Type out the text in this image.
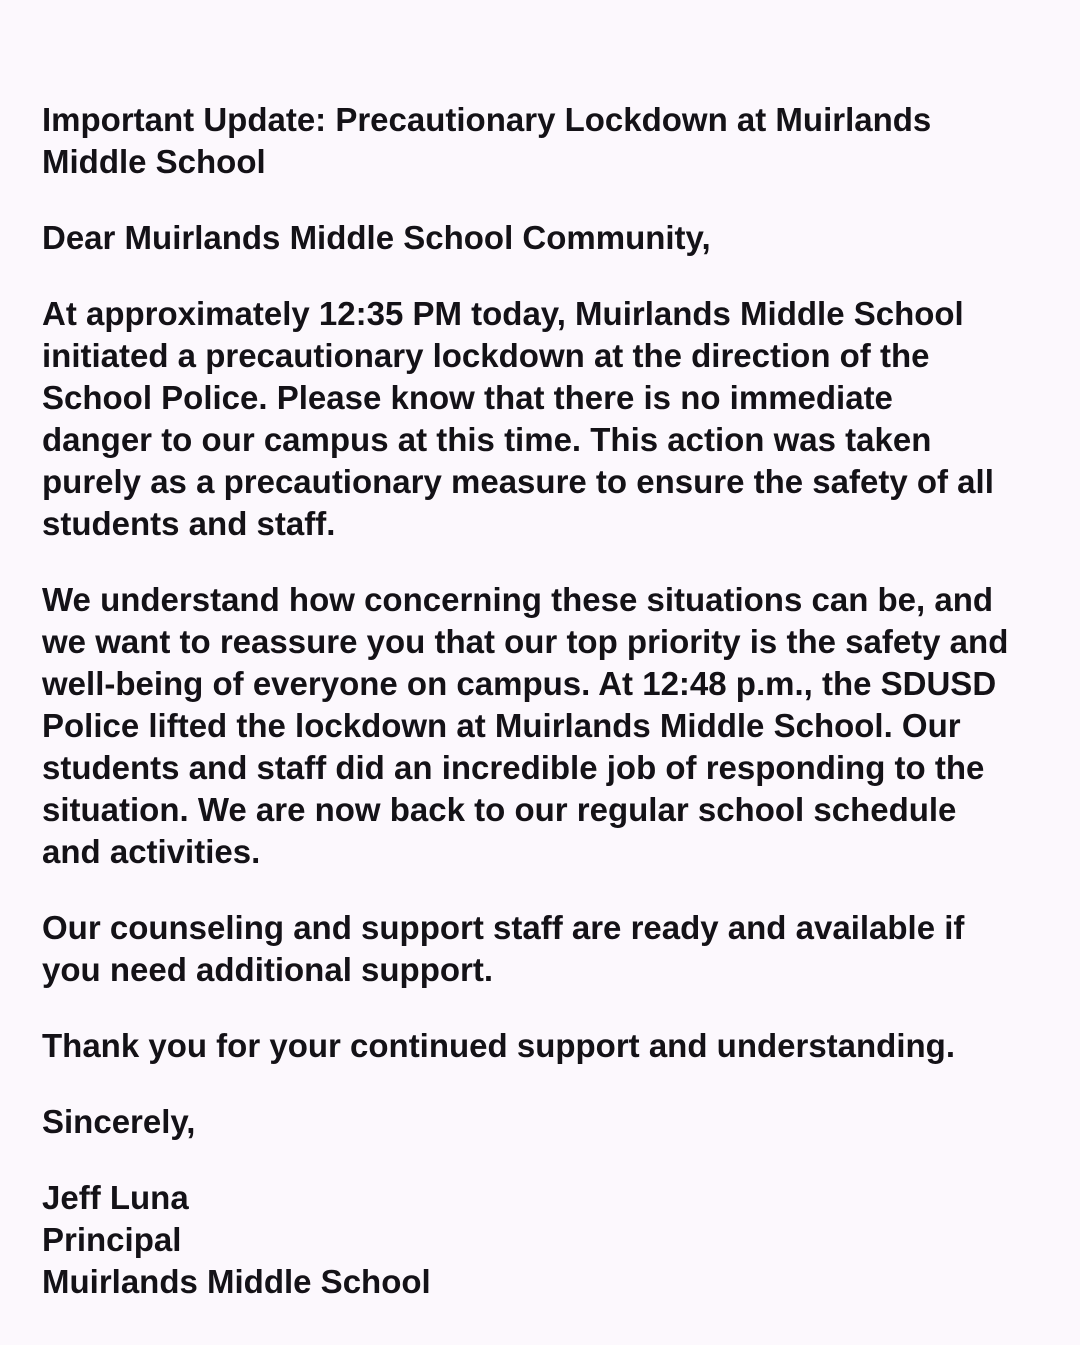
Important Update: Precautionary Lockdown at Muirlands
Middle School
Dear Muirlands Middle School Community,
At approximately 12:35 PM today, Muirlands Middle School
initiated a precautionary lockdown at the direction of the
School Police. Please know that there is no immediate
danger to our campus at this time. This action was taken
purely as a precautionary measure to ensure the safety of all
students and staff.
We understand how concerning these situations can be, and
we want to reassure you that our top priority is the safety and
well-being of everyone on campus. At 12:48 p.m., the SDUSD
Police lifted the lockdown at Muirlands Middle School. Our
students and staff did an incredible job of responding to the
situation. We are now back to our regular school schedule
and activities.
Our counseling and support staff are ready and available if
you need additional support.
Thank you for your continued support and understanding.
Sincerely,
Jeff Luna
Principal
Muirlands Middle School
